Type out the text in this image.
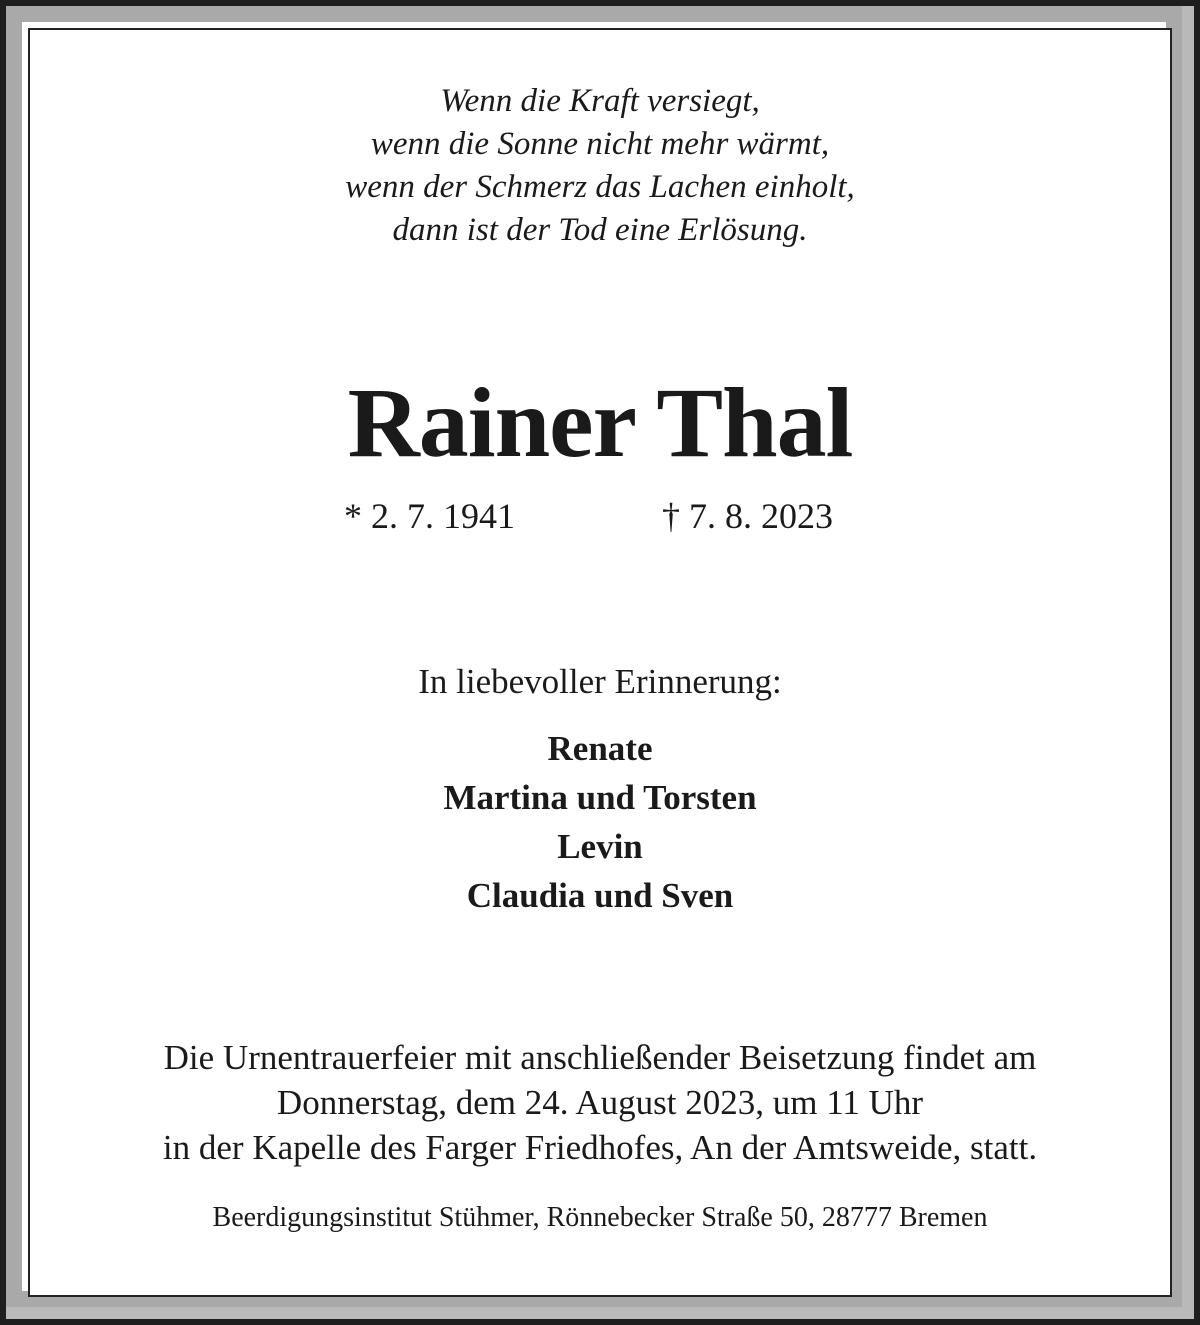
Wenn die Kraft versiegt,
wenn die Sonne nicht mehr wärmt,
wenn der Schmerz das Lachen einholt,
dann ist der Tod eine Erlösung.
Rainer Thal
* 2. 7. 1941	† 7. 8. 2023
In liebevoller Erinnerung:
Renate
Martina und Torsten
Levin
Claudia und Sven
Die Urnentrauerfeier mit anschließender Beisetzung findet am
Donnerstag, dem 24. August 2023, um 11 Uhr
in der Kapelle des Farger Friedhofes, An der Amtsweide, statt.
Beerdigungsinstitut Stühmer, Rönnebecker Straße 50, 28777 Bremen
